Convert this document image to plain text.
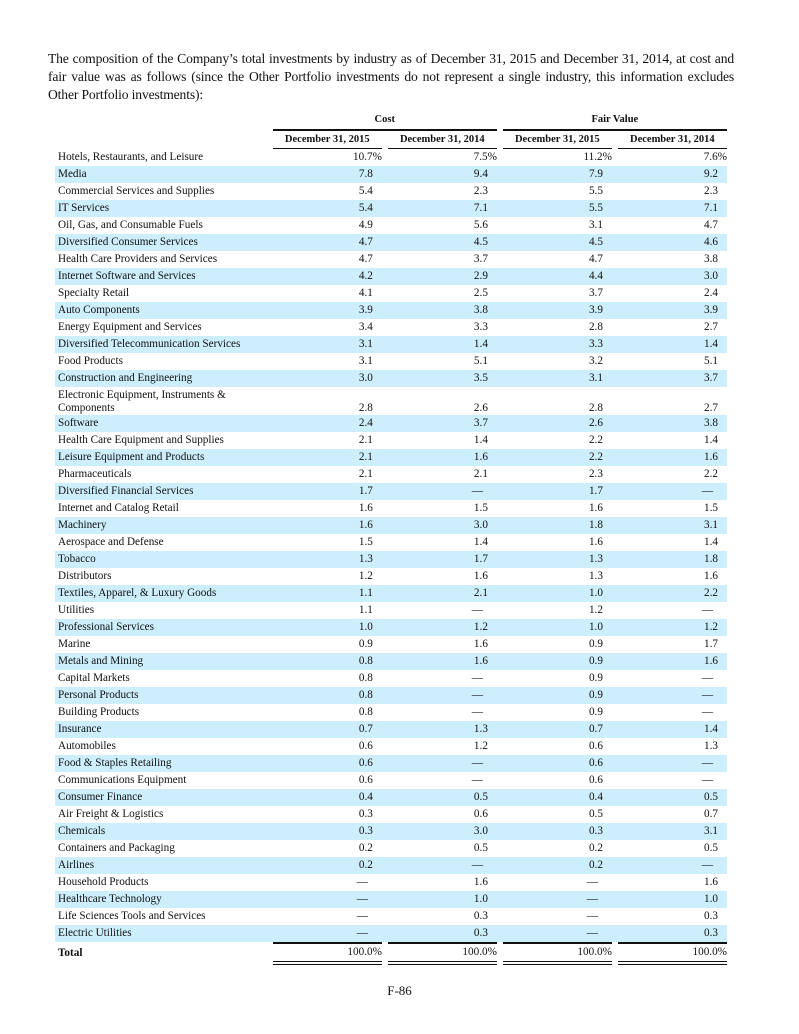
The composition of the Company’s total investments by industry as of December 31, 2015 and December 31, 2014, at cost and fair value was as follows (since the Other Portfolio investments do not represent a single industry, this information excludes Other Portfolio investments):

	Cost				Fair Value		

	December 31, 2015		December 31, 2014		December 31, 2015		December 31, 2014
Hotels, Restaurants, and Leisure	10.7%		7.5%		11.2%		7.6%
Media	7.8		9.4		7.9		9.2
Commercial Services and Supplies	5.4		2.3		5.5		2.3
IT Services	5.4		7.1		5.5		7.1
Oil, Gas, and Consumable Fuels	4.9		5.6		3.1		4.7
Diversified Consumer Services	4.7		4.5		4.5		4.6
Health Care Providers and Services	4.7		3.7		4.7		3.8
Internet Software and Services	4.2		2.9		4.4		3.0
Specialty Retail	4.1		2.5		3.7		2.4
Auto Components	3.9		3.8		3.9		3.9
Energy Equipment and Services	3.4		3.3		2.8		2.7
Diversified Telecommunication Services	3.1		1.4		3.3		1.4
Food Products	3.1		5.1		3.2		5.1
Construction and Engineering	3.0		3.5		3.1		3.7
Electronic Equipment, Instruments & Components	2.8		2.6		2.8		2.7
Software	2.4		3.7		2.6		3.8
Health Care Equipment and Supplies	2.1		1.4		2.2		1.4
Leisure Equipment and Products	2.1		1.6		2.2		1.6
Pharmaceuticals	2.1		2.1		2.3		2.2
Diversified Financial Services	1.7		—		1.7		—
Internet and Catalog Retail	1.6		1.5		1.6		1.5
Machinery	1.6		3.0		1.8		3.1
Aerospace and Defense	1.5		1.4		1.6		1.4
Tobacco	1.3		1.7		1.3		1.8
Distributors	1.2		1.6		1.3		1.6
Textiles, Apparel, & Luxury Goods	1.1		2.1		1.0		2.2
Utilities	1.1		—		1.2		—
Professional Services	1.0		1.2		1.0		1.2
Marine	0.9		1.6		0.9		1.7
Metals and Mining	0.8		1.6		0.9		1.6
Capital Markets	0.8		—		0.9		—
Personal Products	0.8		—		0.9		—
Building Products	0.8		—		0.9		—
Insurance	0.7		1.3		0.7		1.4
Automobiles	0.6		1.2		0.6		1.3
Food & Staples Retailing	0.6		—		0.6		—
Communications Equipment	0.6		—		0.6		—
Consumer Finance	0.4		0.5		0.4		0.5
Air Freight & Logistics	0.3		0.6		0.5		0.7
Chemicals	0.3		3.0		0.3		3.1
Containers and Packaging	0.2		0.5		0.2		0.5
Airlines	0.2		—		0.2		—
Household Products	—		1.6		—		1.6
Healthcare Technology	—		1.0		—		1.0
Life Sciences Tools and Services	—		0.3		—		0.3
Electric Utilities	—		0.3		—		0.3
Total	100.0%		100.0%		100.0%		100.0%
F-86
